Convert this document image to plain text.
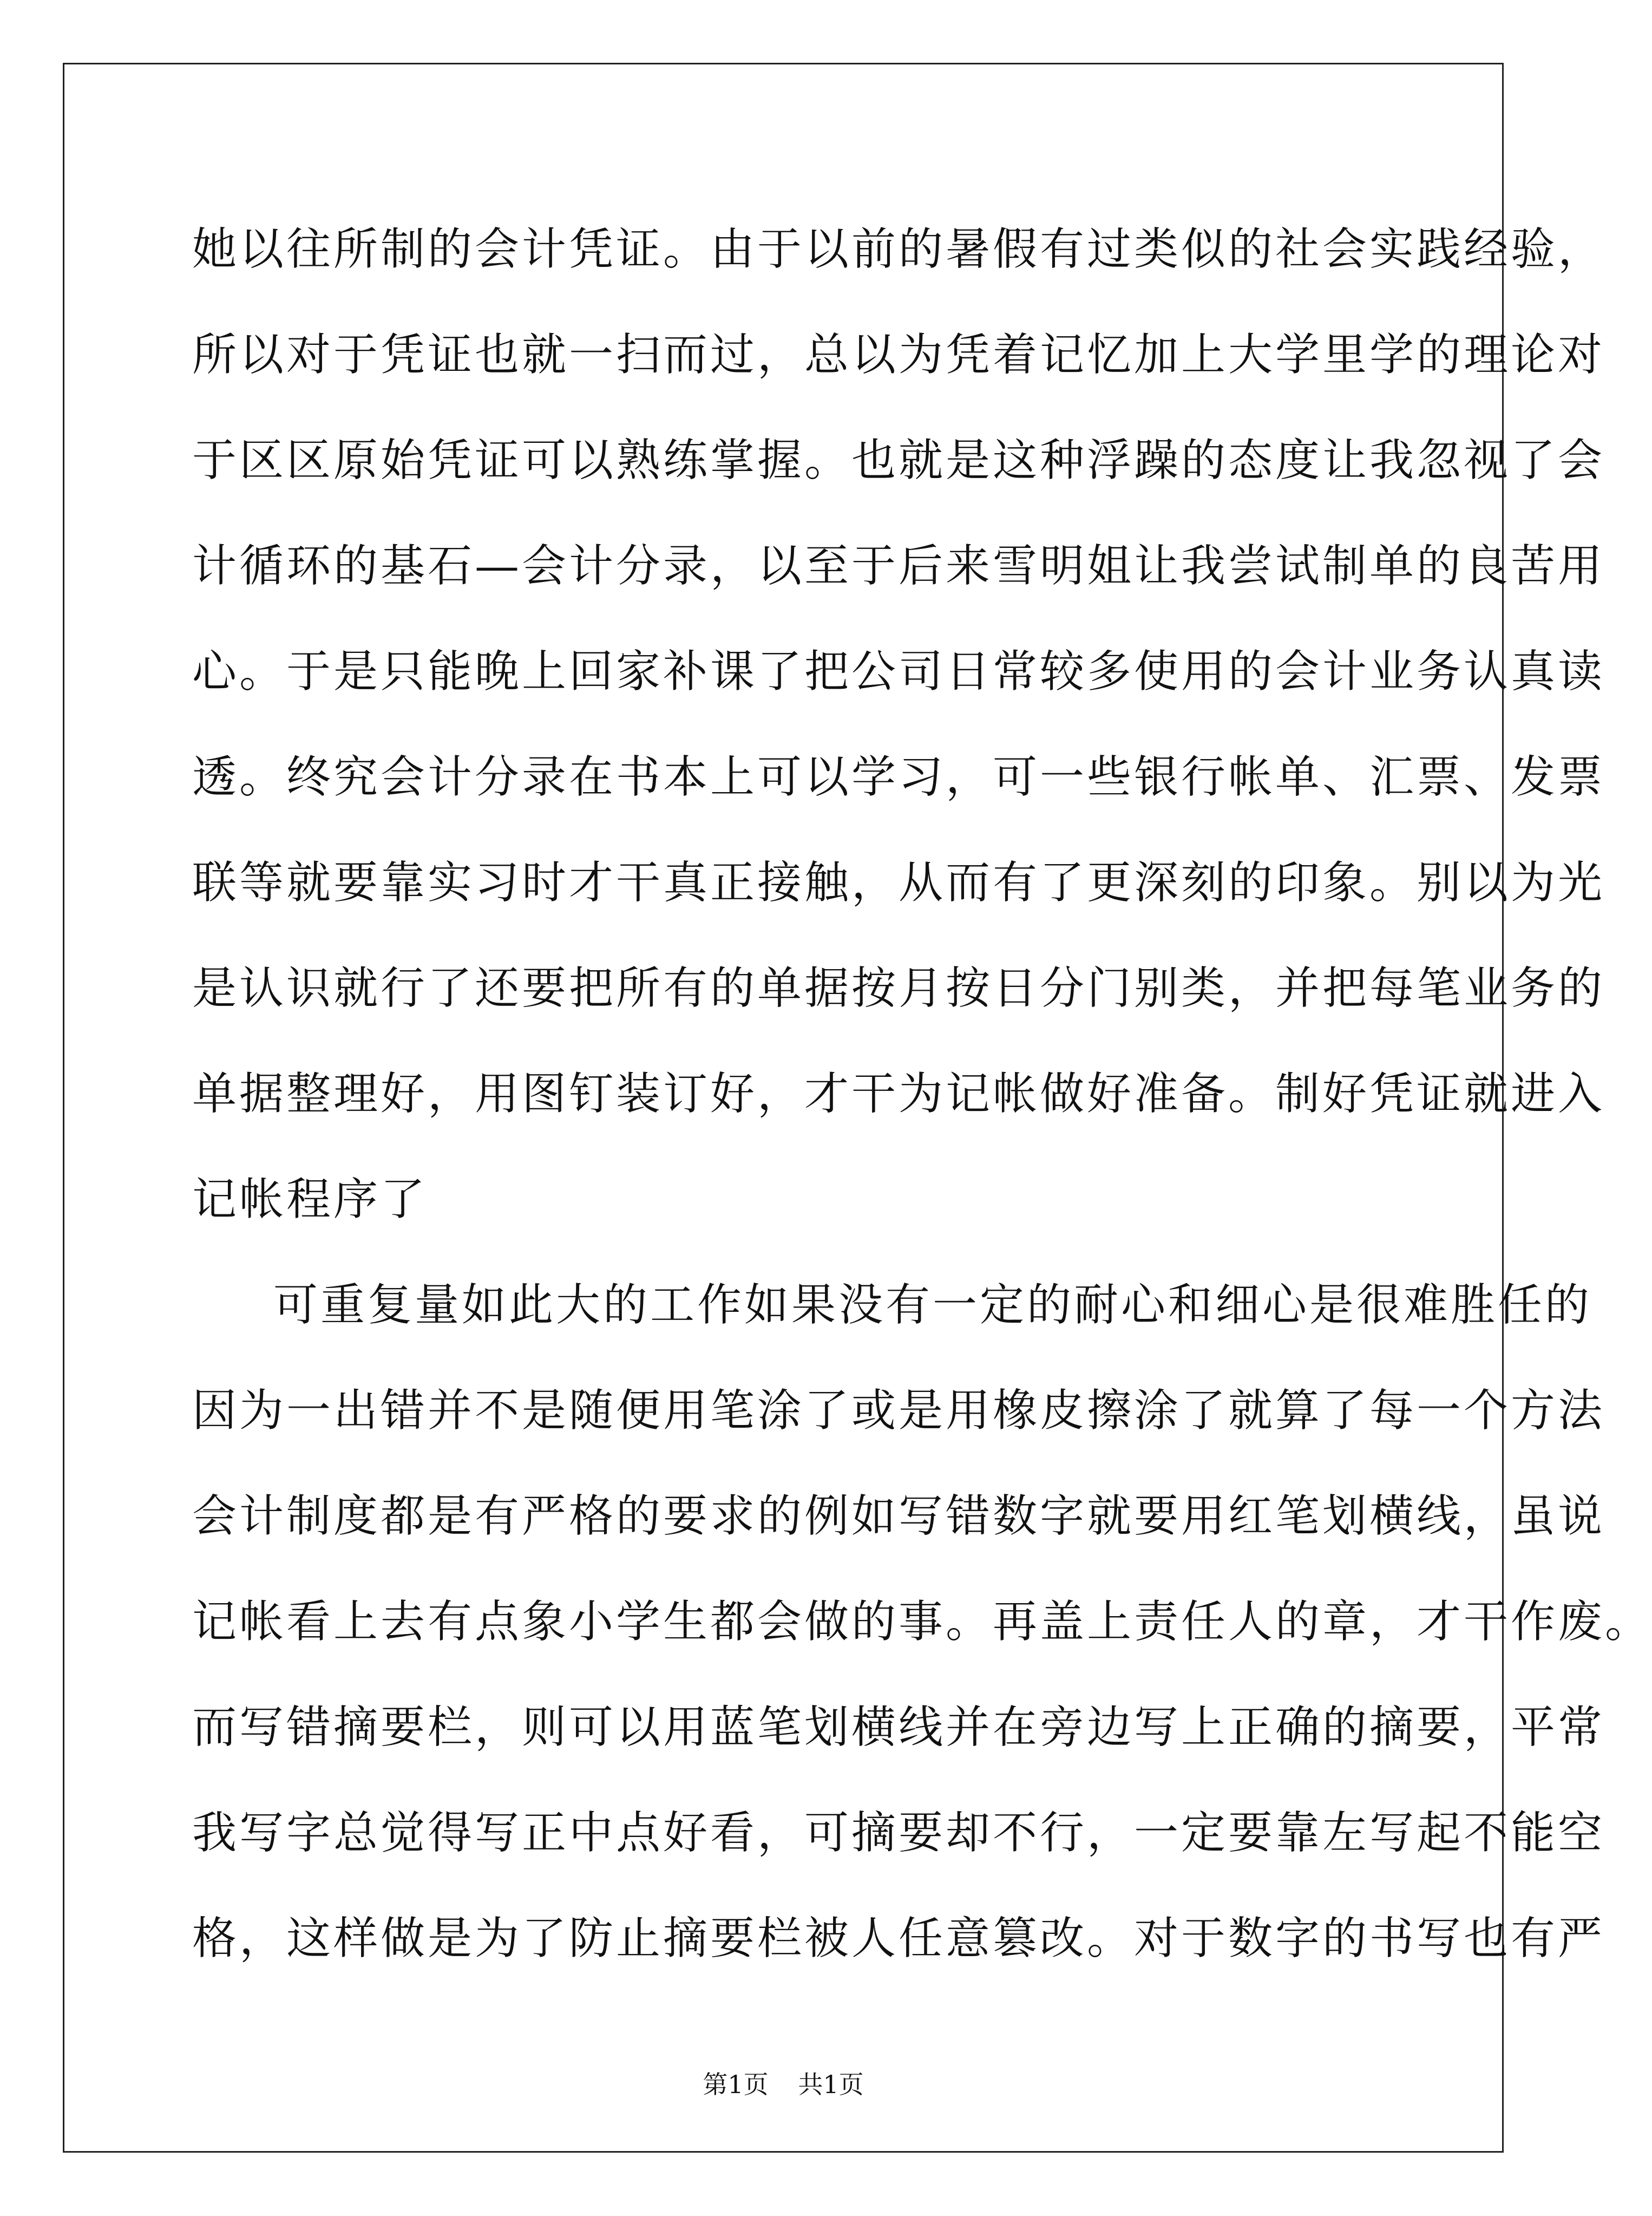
她以往所制的会计凭证。由于以前的暑假有过类似的社会实践经验，
所以对于凭证也就一扫而过，总以为凭着记忆加上大学里学的理论对
于区区原始凭证可以熟练掌握。也就是这种浮躁的态度让我忽视了会
计循环的基石—会计分录，以至于后来雪明姐让我尝试制单的良苦用
心。于是只能晚上回家补课了把公司日常较多使用的会计业务认真读
透。终究会计分录在书本上可以学习，可一些银行帐单、汇票、发票
联等就要靠实习时才干真正接触，从而有了更深刻的印象。别以为光
是认识就行了还要把所有的单据按月按日分门别类，并把每笔业务的
单据整理好，用图钉装订好，才干为记帐做好准备。制好凭证就进入
记帐程序了
可重复量如此大的工作如果没有一定的耐心和细心是很难胜任的
因为一出错并不是随便用笔涂了或是用橡皮擦涂了就算了每一个方法
会计制度都是有严格的要求的例如写错数字就要用红笔划横线，虽说
记帐看上去有点象小学生都会做的事。再盖上责任人的章，才干作废。
而写错摘要栏，则可以用蓝笔划横线并在旁边写上正确的摘要，平常
我写字总觉得写正中点好看，可摘要却不行，一定要靠左写起不能空
格，这样做是为了防止摘要栏被人任意篡改。对于数字的书写也有严
第1页 共1页
